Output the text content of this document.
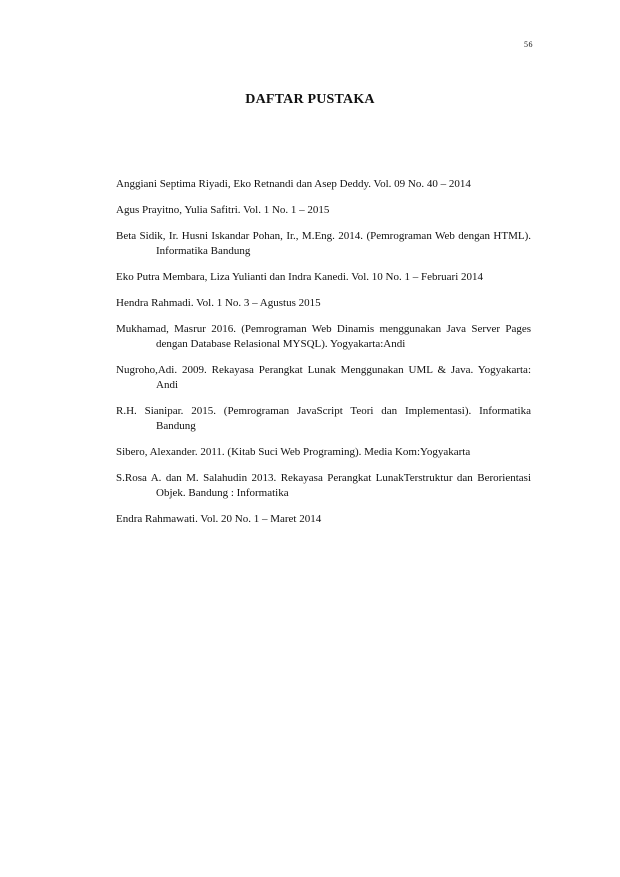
56
DAFTAR PUSTAKA
Anggiani Septima Riyadi, Eko Retnandi dan Asep Deddy. Vol. 09 No. 40 – 2014
Agus Prayitno, Yulia Safitri. Vol. 1 No. 1 – 2015
Beta Sidik, Ir. Husni Iskandar Pohan, Ir., M.Eng. 2014. (Pemrograman Web dengan HTML). Informatika Bandung
Eko Putra Membara, Liza Yulianti dan Indra Kanedi. Vol. 10 No. 1 – Februari 2014
Hendra Rahmadi. Vol. 1 No. 3 – Agustus 2015
Mukhamad, Masrur 2016. (Pemrograman Web Dinamis menggunakan Java Server Pages dengan Database Relasional MYSQL). Yogyakarta:Andi
Nugroho,Adi. 2009. Rekayasa Perangkat Lunak Menggunakan UML & Java. Yogyakarta: Andi
R.H. Sianipar. 2015. (Pemrograman JavaScript Teori dan Implementasi). Informatika Bandung
Sibero, Alexander. 2011. (Kitab Suci Web Programing). Media Kom:Yogyakarta
S.Rosa A. dan M. Salahudin 2013. Rekayasa Perangkat LunakTerstruktur dan Berorientasi Objek. Bandung : Informatika
Endra Rahmawati. Vol. 20 No. 1 – Maret 2014
